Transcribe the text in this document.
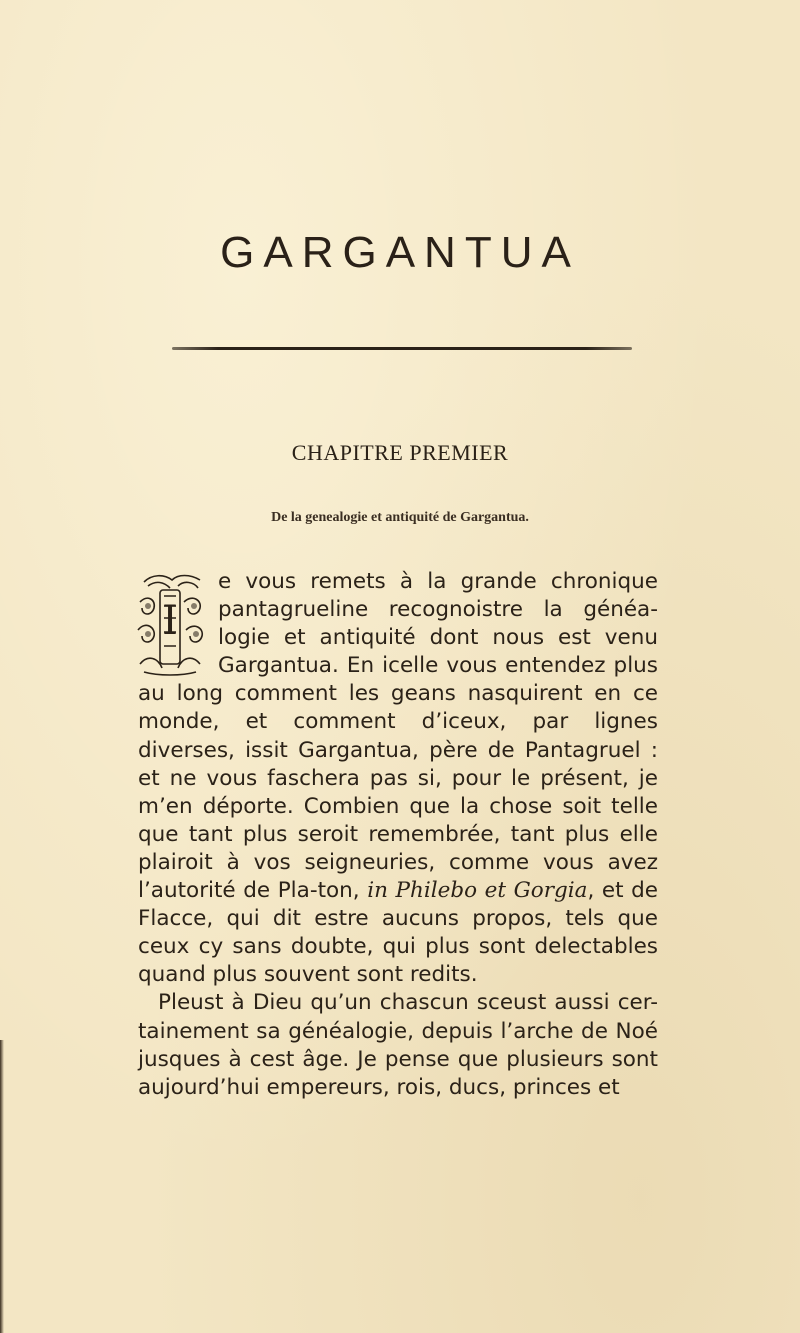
GARGANTUA
CHAPITRE PREMIER

De la genealogie et antiquité de Gargantua.

I

e vous remets à la grande chronique pantagrueline recognoistre la généa-logie et antiquité dont nous est venu Gargantua. En icelle vous entendez plus au long comment les geans nasquirent en ce monde, et comment d’iceux, par lignes diverses, issit Gargantua, père de Pantagruel : et ne vous faschera pas si, pour le présent, je m’en déporte. Combien que la chose soit telle que tant plus seroit remembrée, tant plus elle plairoit à vos seigneuries, comme vous avez l’autorité de Pla-ton, in Philebo et Gorgia, et de Flacce, qui dit estre aucuns propos, tels que ceux cy sans doubte, qui plus sont delectables quand plus souvent sont redits.

Pleust à Dieu qu’un chascun sceust aussi cer-tainement sa généalogie, depuis l’arche de Noé jusques à cest âge. Je pense que plusieurs sont aujourd’hui empereurs, rois, ducs, princes et
